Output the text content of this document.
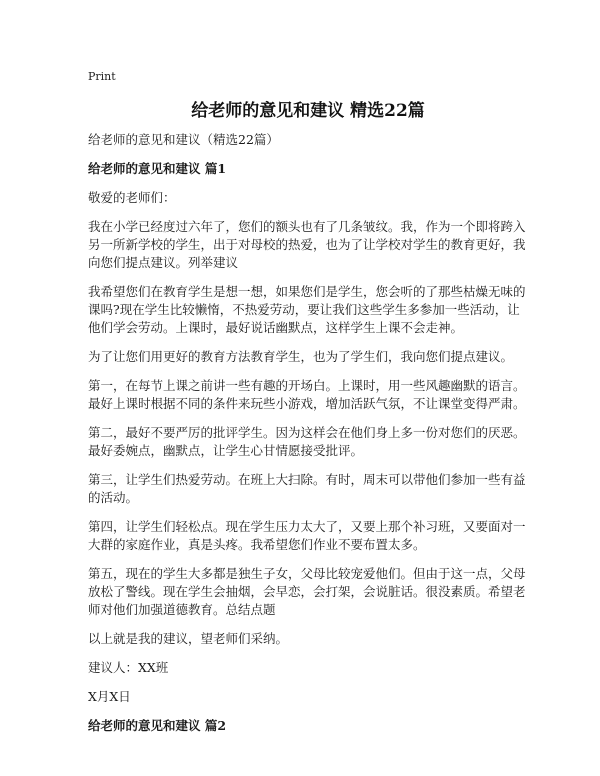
Print
给老师的意见和建议 精选22篇

给老师的意见和建议（精选22篇）

给老师的意见和建议 篇1

敬爱的老师们：

我在小学已经度过六年了，您们的额头也有了几条皱纹。我，作为一个即将跨入另一所新学校的学生，出于对母校的热爱，也为了让学校对学生的教育更好，我向您们提点建议。列举建议

我希望您们在教育学生是想一想，如果您们是学生，您会听的了那些枯燥无味的课吗?现在学生比较懒惰，不热爱劳动，要让我们这些学生多参加一些活动，让他们学会劳动。上课时，最好说话幽默点，这样学生上课不会走神。

为了让您们用更好的教育方法教育学生，也为了学生们，我向您们提点建议。

第一，在每节上课之前讲一些有趣的开场白。上课时，用一些风趣幽默的语言。最好上课时根据不同的条件来玩些小游戏，增加活跃气氛，不让课堂变得严肃。

第二，最好不要严厉的批评学生。因为这样会在他们身上多一份对您们的厌恶。最好委婉点，幽默点，让学生心甘情愿接受批评。

第三，让学生们热爱劳动。在班上大扫除。有时，周末可以带他们参加一些有益的活动。

第四，让学生们轻松点。现在学生压力太大了，又要上那个补习班，又要面对一大群的家庭作业，真是头疼。我希望您们作业不要布置太多。

第五，现在的学生大多都是独生子女，父母比较宠爱他们。但由于这一点，父母放松了警线。现在学生会抽烟，会早恋，会打架，会说脏话。很没素质。希望老师对他们加强道德教育。总结点题

以上就是我的建议，望老师们采纳。

建议人：XX班

X月X日

给老师的意见和建议 篇2
